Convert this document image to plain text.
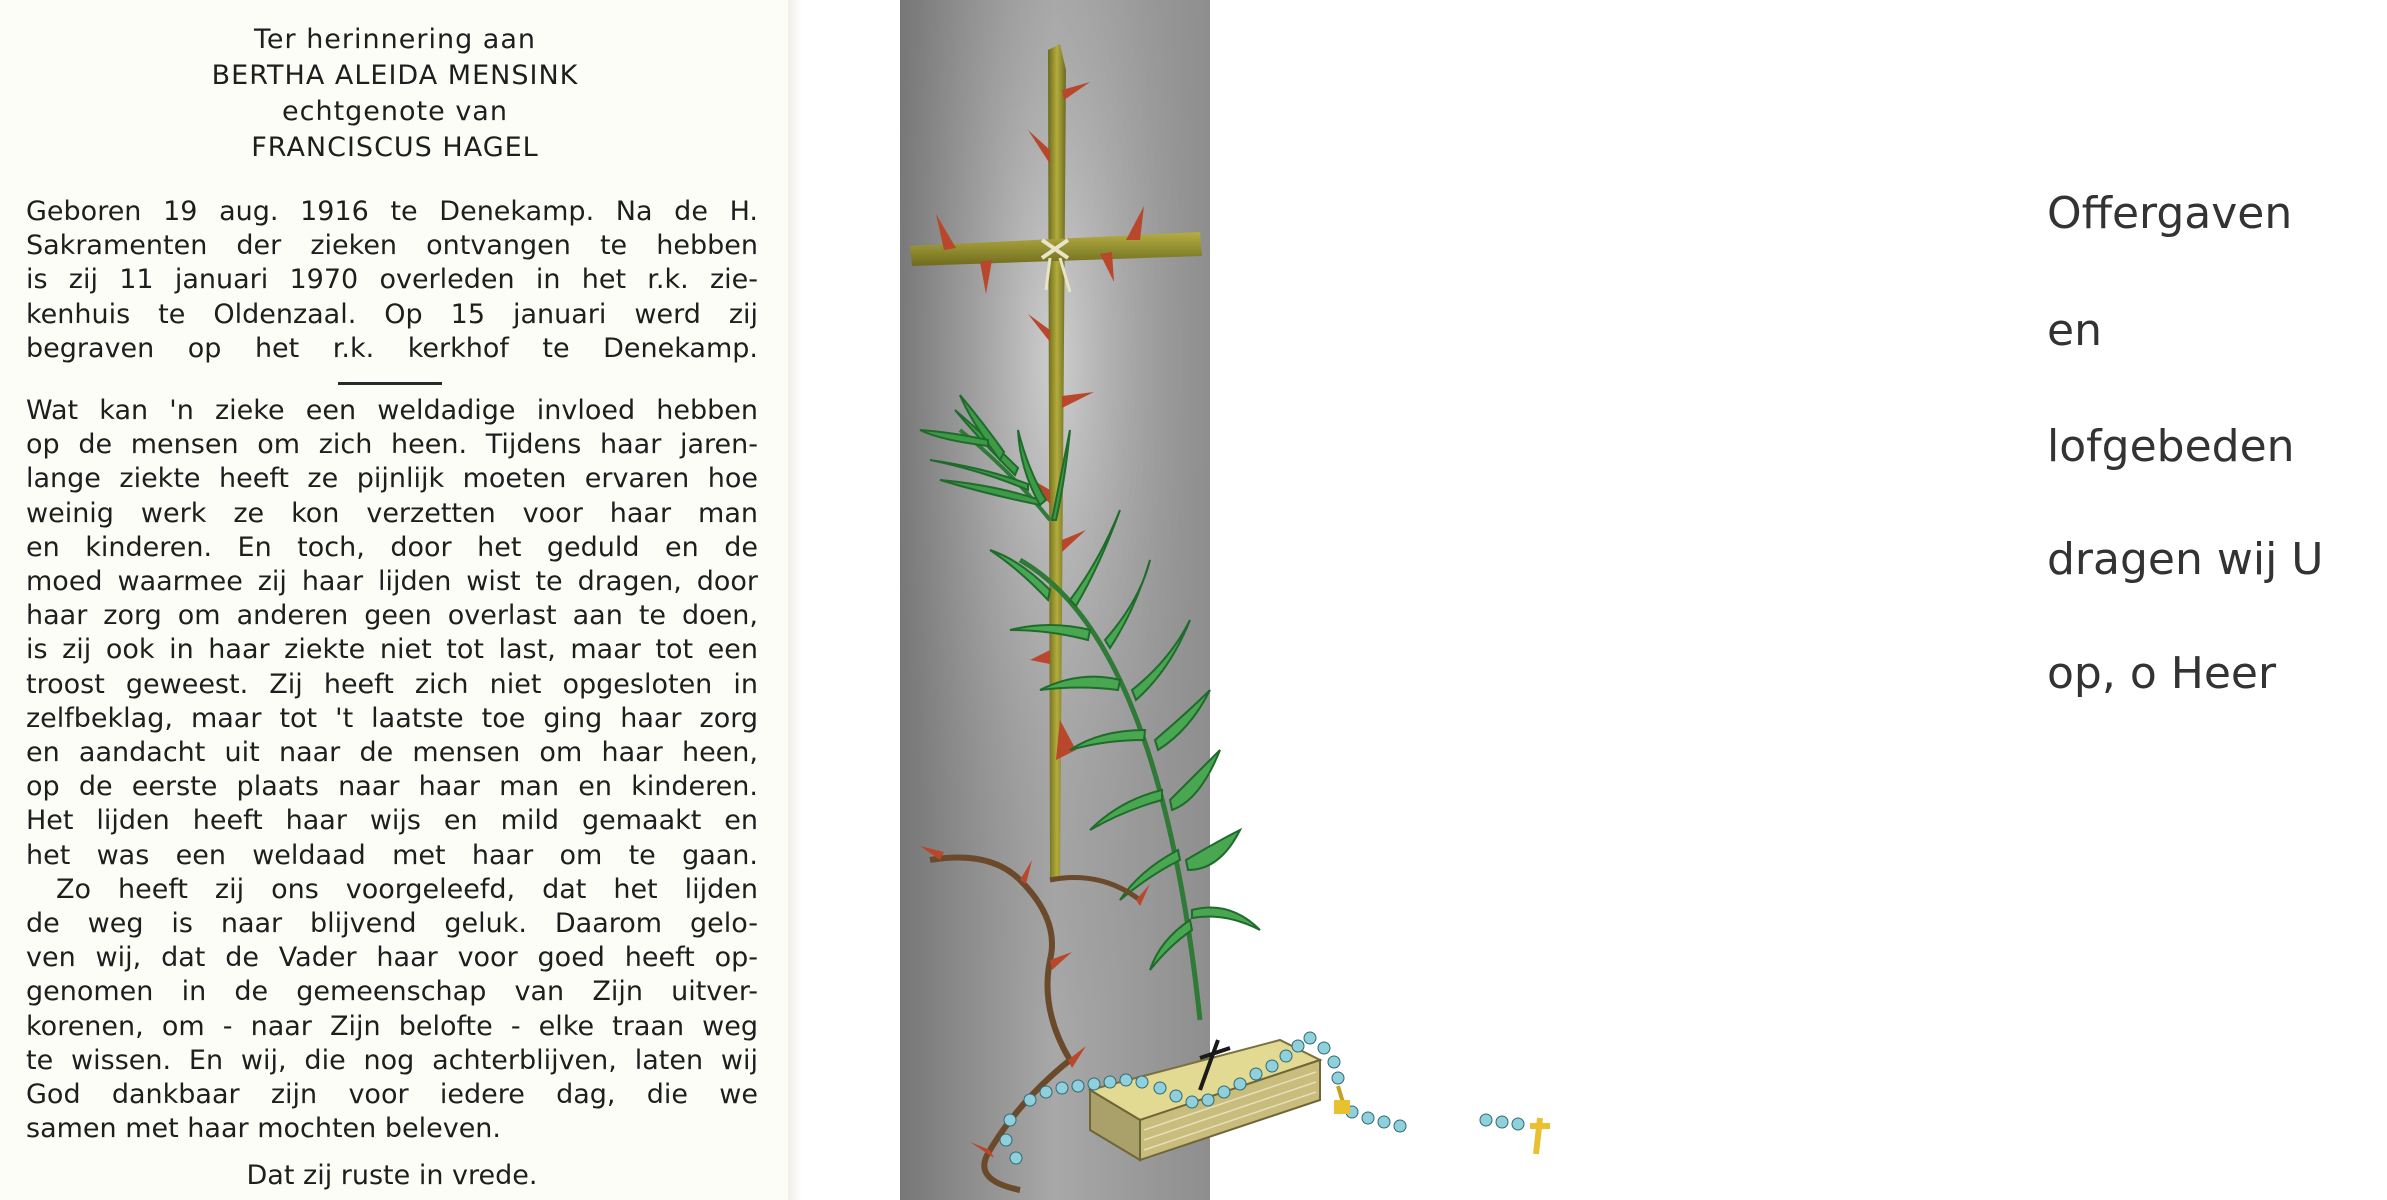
Ter herinnering aan
BERTHA ALEIDA MENSINK
echtgenote van
FRANCISCUS HAGEL
Geboren 19 aug. 1916 te Denekamp. Na de H.
Sakramenten der zieken ontvangen te hebben
is zij 11 januari 1970 overleden in het r.k. zie-
kenhuis te Oldenzaal. Op 15 januari werd zij
begraven op het r.k. kerkhof te Denekamp.
Wat kan 'n zieke een weldadige invloed hebben
op de mensen om zich heen. Tijdens haar jaren-
lange ziekte heeft ze pijnlijk moeten ervaren hoe
weinig werk ze kon verzetten voor haar man
en kinderen. En toch, door het geduld en de
moed waarmee zij haar lijden wist te dragen, door
haar zorg om anderen geen overlast aan te doen,
is zij ook in haar ziekte niet tot last, maar tot een
troost geweest. Zij heeft zich niet opgesloten in
zelfbeklag, maar tot 't laatste toe ging haar zorg
en aandacht uit naar de mensen om haar heen,
op de eerste plaats naar haar man en kinderen.
Het lijden heeft haar wijs en mild gemaakt en
het was een weldaad met haar om te gaan.
Zo heeft zij ons voorgeleefd, dat het lijden
de weg is naar blijvend geluk. Daarom gelo-
ven wij, dat de Vader haar voor goed heeft op-
genomen in de gemeenschap van Zijn uitver-
korenen, om - naar Zijn belofte - elke traan weg
te wissen. En wij, die nog achterblijven, laten wij
God dankbaar zijn voor iedere dag, die we
samen met haar mochten beleven.
Dat zij ruste in vrede.
Offergaven
en
lofgebeden
dragen wij U
op, o Heer
